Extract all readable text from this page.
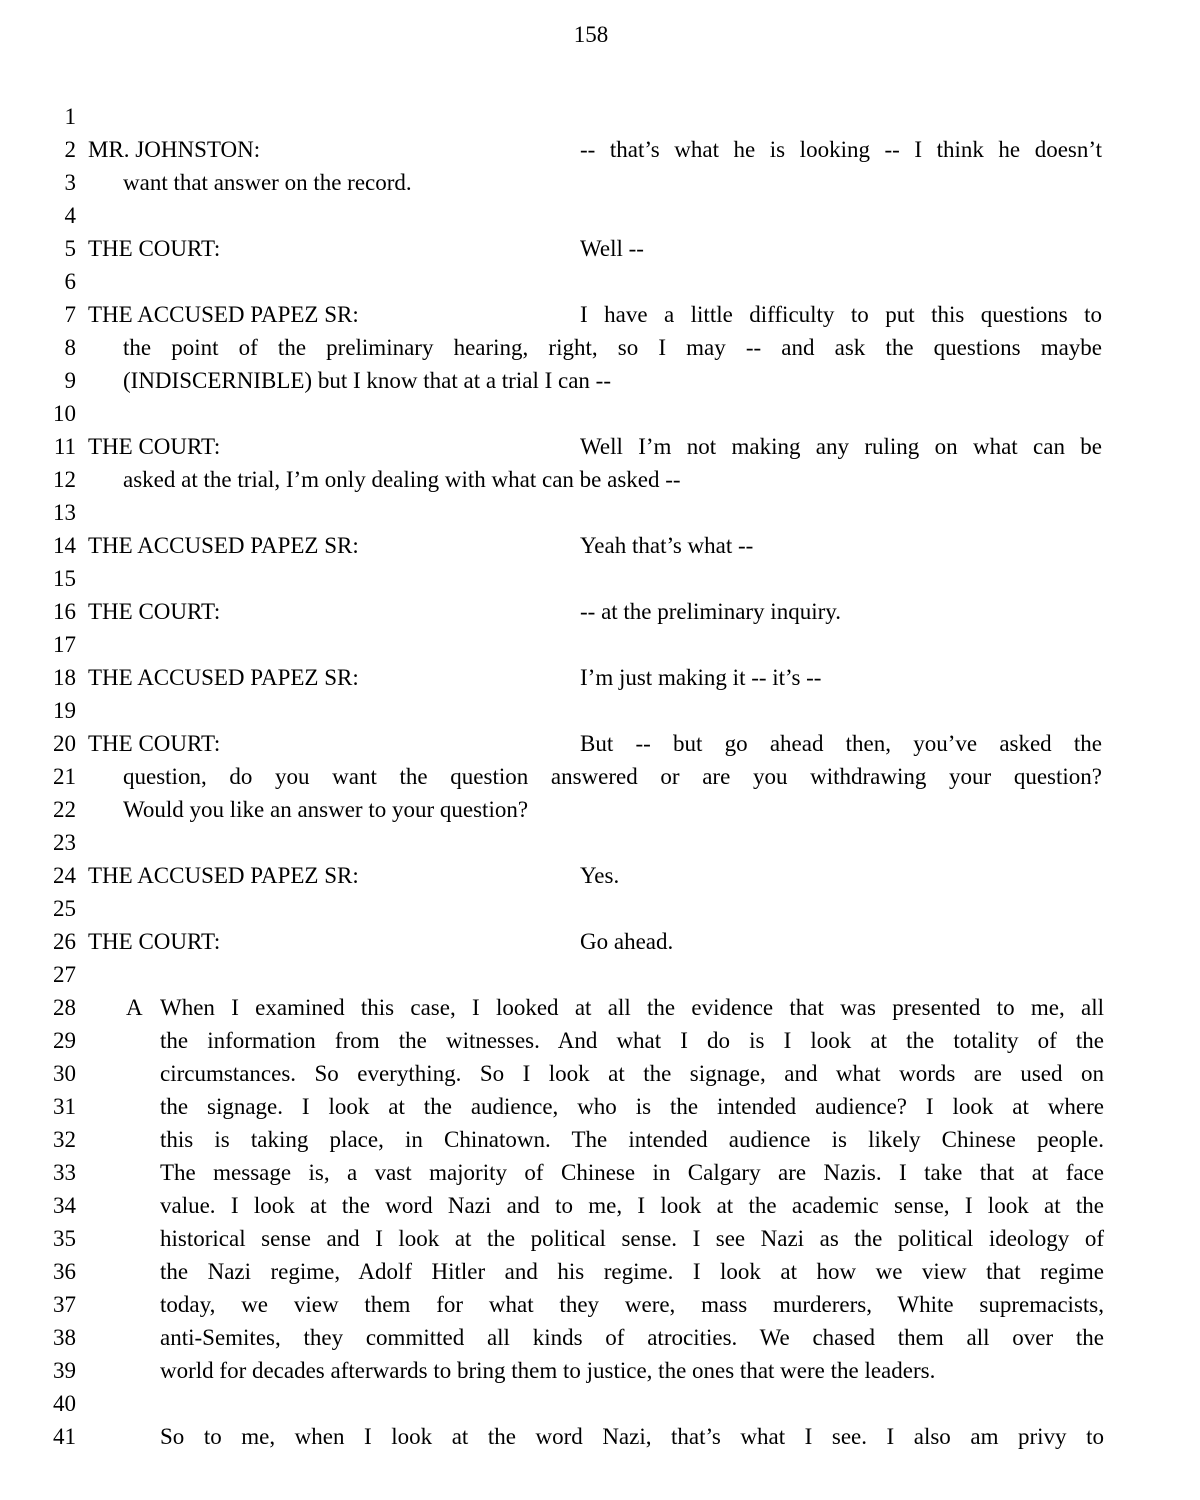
158
1
2 MR. JOHNSTON:	-- that’s what he is looking -- I think he doesn’t
3 want that answer on the record.
4
5 THE COURT:	Well --
6
7 THE ACCUSED PAPEZ SR:	I have a little difficulty to put this questions to
8 the point of the preliminary hearing, right, so I may -- and ask the questions maybe
9 (INDISCERNIBLE) but I know that at a trial I can --
10
11 THE COURT:	Well I’m not making any ruling on what can be
12 asked at the trial, I’m only dealing with what can be asked --
13
14 THE ACCUSED PAPEZ SR:	Yeah that’s what --
15
16 THE COURT:	-- at the preliminary inquiry.
17
18 THE ACCUSED PAPEZ SR:	I’m just making it -- it’s --
19
20 THE COURT:	But -- but go ahead then, you’ve asked the
21 question, do you want the question answered or are you withdrawing your question?
22 Would you like an answer to your question?
23
24 THE ACCUSED PAPEZ SR:	Yes.
25
26 THE COURT:	Go ahead.
27
28 A When I examined this case, I looked at all the evidence that was presented to me, all
29	the information from the witnesses. And what I do is I look at the totality of the
30	circumstances. So everything. So I look at the signage, and what words are used on
31	the signage. I look at the audience, who is the intended audience? I look at where
32	this is taking place, in Chinatown. The intended audience is likely Chinese people.
33	The message is, a vast majority of Chinese in Calgary are Nazis. I take that at face
34	value. I look at the word Nazi and to me, I look at the academic sense, I look at the
35	historical sense and I look at the political sense. I see Nazi as the political ideology of
36	the Nazi regime, Adolf Hitler and his regime. I look at how we view that regime
37	today, we view them for what they were, mass murderers, White supremacists,
38	anti-Semites, they committed all kinds of atrocities. We chased them all over the
39	world for decades afterwards to bring them to justice, the ones that were the leaders.
40
41	So to me, when I look at the word Nazi, that’s what I see. I also am privy to
